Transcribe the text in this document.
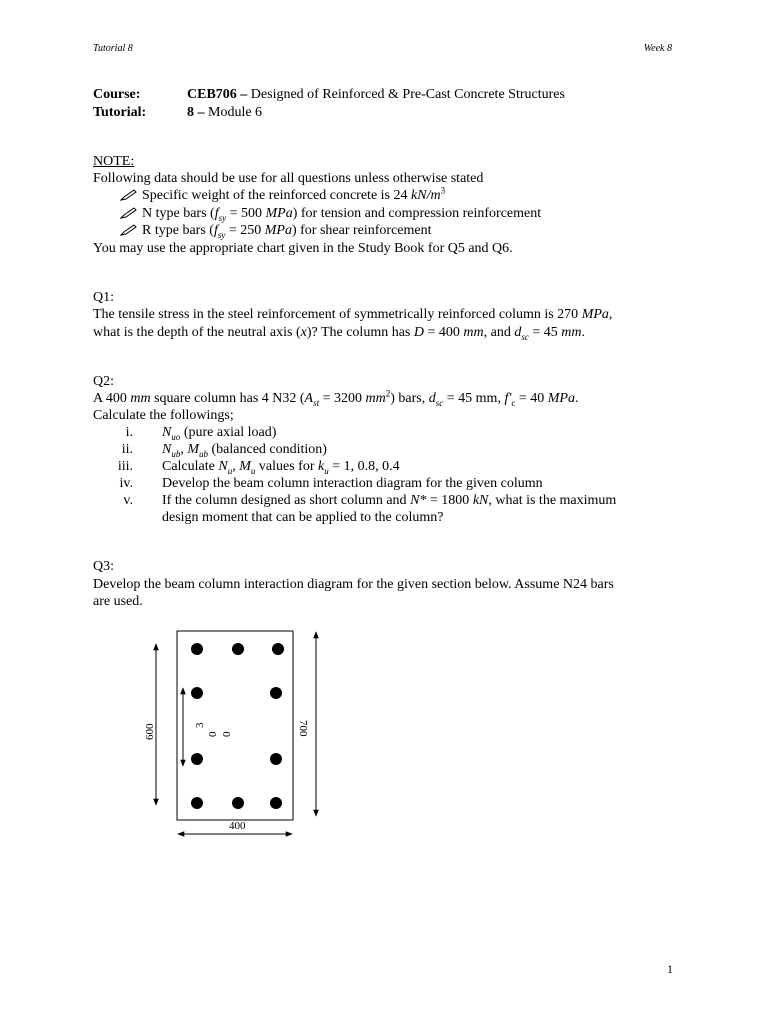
Tutorial 8	Week 8
Course:	CEB706 – Designed of Reinforced & Pre-Cast Concrete Structures
Tutorial:	8 – Module 6
NOTE:
Following data should be use for all questions unless otherwise stated
Specific weight of the reinforced concrete is 24 $kN/m^3$
N type bars ($f_{sy} = 500$ MPa) for tension and compression reinforcement
R type bars ($f_{sy} = 250$ MPa) for shear reinforcement
You may use the appropriate chart given in the Study Book for Q5 and Q6.
Q1:
The tensile stress in the steel reinforcement of symmetrically reinforced column is 270 MPa,
what is the depth of the neutral axis (x)? The column has D = 400 mm, and $d_{sc} = 45$ mm.
Q2:
A 400 mm square column has 4 N32 ($A_{st} = 3200$ $mm^2$) bars, $d_{sc} = 45$ mm, $f'_c = 40$ MPa.
Calculate the followings;
i. $N_{uo}$ (pure axial load)
ii. $N_{ub}$, $M_{ub}$ (balanced condition)
iii. Calculate $N_u$, $M_u$ values for $k_u = 1$, 0.8, 0.4
iv. Develop the beam column interaction diagram for the given column
v. If the column designed as short column and N* = 1800 kN, what is the maximum
design moment that can be applied to the column?
Q3:
Develop the beam column interaction diagram for the given section below. Assume N24 bars
are used.
600	3
0 0	700
400
1
